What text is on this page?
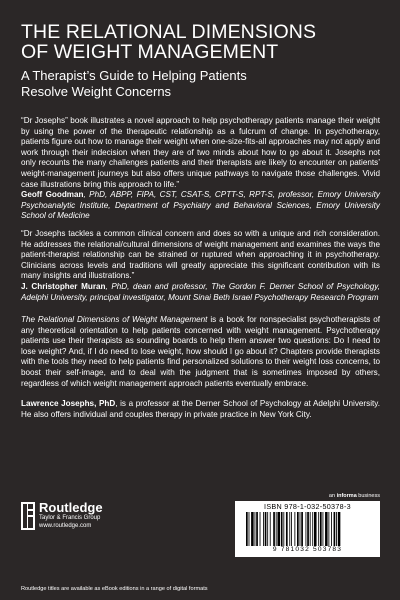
THE RELATIONAL DIMENSIONS
OF WEIGHT MANAGEMENT
A Therapist’s Guide to Helping Patients
Resolve Weight Concerns

“Dr Josephs” book illustrates a novel approach to help psychotherapy patients manage their weight by using the power of the therapeutic relationship as a fulcrum of change. In psychotherapy, patients figure out how to manage their weight when one-size-fits-all approaches may not apply and work through their indecision when they are of two minds about how to go about it. Josephs not only recounts the many challenges patients and their therapists are likely to encounter on patients’ weight-management journeys but also offers unique pathways to navigate those challenges. Vivid case illustrations bring this approach to life.”
Geoff Goodman, PhD, ABPP, FIPA, CST, CSAT-S, CPTT-S, RPT-S, professor, Emory University Psychoanalytic Institute, Department of Psychiatry and Behavioral Sciences, Emory University School of Medicine

“Dr Josephs tackles a common clinical concern and does so with a unique and rich consideration. He addresses the relational/cultural dimensions of weight management and examines the ways the patient-therapist relationship can be strained or ruptured when approaching it in psychotherapy. Clinicians across levels and traditions will greatly appreciate this significant contribution with its many insights and illustrations.”
J. Christopher Muran, PhD, dean and professor, The Gordon F. Derner School of Psychology, Adelphi University, principal investigator, Mount Sinai Beth Israel Psychotherapy Research Program

The Relational Dimensions of Weight Management is a book for nonspecialist psychotherapists of any theoretical orientation to help patients concerned with weight management. Psychotherapy patients use their therapists as sounding boards to help them answer two questions: Do I need to lose weight? And, if I do need to lose weight, how should I go about it? Chapters provide therapists with the tools they need to help patients find personalized solutions to their weight loss concerns, to boost their self-image, and to deal with the judgment that is sometimes imposed by others, regardless of which weight management approach patients eventually embrace.

Lawrence Josephs, PhD, is a professor at the Derner School of Psychology at Adelphi University. He also offers individual and couples therapy in private practice in New York City.

Routledge
Taylor & Francis Group
www.routledge.com
an informa business
ISBN 978-1-032-50378-3
9 781032 503783
Routledge titles are available as eBook editions in a range of digital formats
